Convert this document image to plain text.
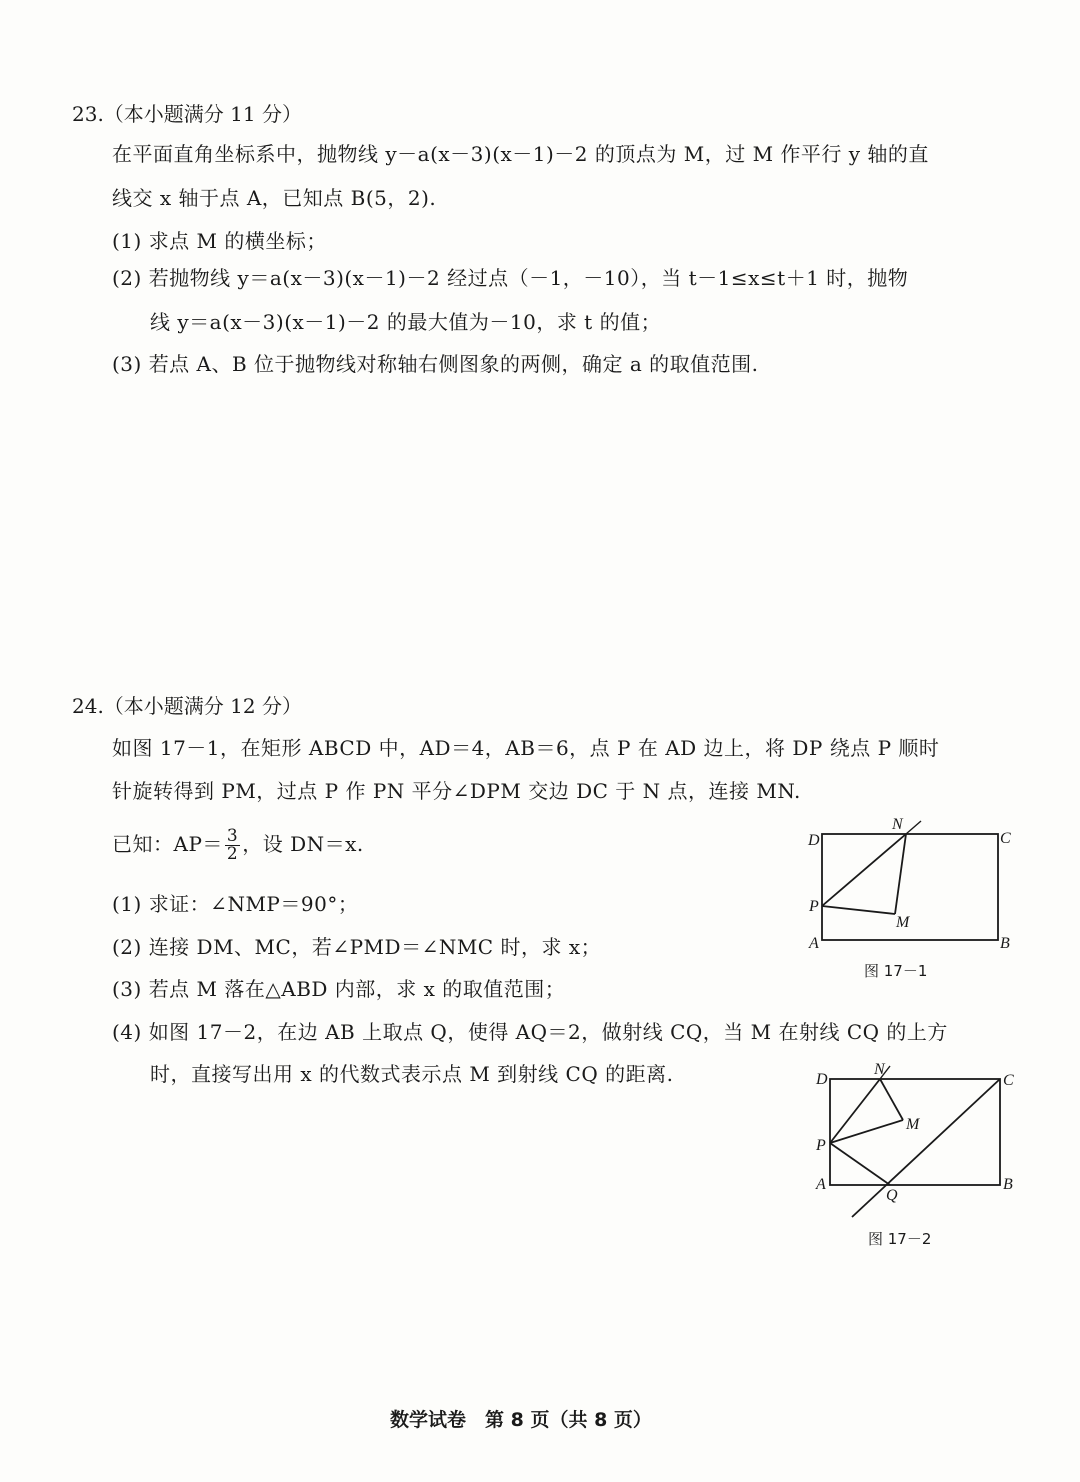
23.（本小题满分 11 分）
在平面直角坐标系中，抛物线 y－a(x－3)(x－1)－2 的顶点为 M，过 M 作平行 y 轴的直
线交 x 轴于点 A，已知点 B(5，2).
(1) 求点 M 的横坐标；
(2) 若抛物线 y＝a(x－3)(x－1)－2 经过点（－1，－10），当 t－1≤x≤t＋1 时，抛物
线 y＝a(x－3)(x－1)－2 的最大值为－10，求 t 的值；
(3) 若点 A、B 位于抛物线对称轴右侧图象的两侧，确定 a 的取值范围.
24.（本小题满分 12 分）
如图 17－1，在矩形 ABCD 中，AD＝4，AB＝6，点 P 在 AD 边上，将 DP 绕点 P 顺时
针旋转得到 PM，过点 P 作 PN 平分∠DPM 交边 DC 于 N 点，连接 MN.
已知：$AP= \frac{3}{2}$ ，设 DN＝x.
(1) 求证：∠NMP＝90°；
(2) 连接 DM、MC，若∠PMD＝∠NMC 时，求 x；
(3) 若点 M 落在△ABD 内部，求 x 的取值范围；
(4) 如图 17－2，在边 AB 上取点 Q，使得 AQ＝2，做射线 CQ，当 M 在射线 CQ 的上方
时，直接写出用 x 的代数式表示点 M 到射线 CQ 的距离.
D
N
C
P
M
A	B
图 17－1
D
N
C
P
M
A
Q
B
图 17－2
数学试卷　第 8 页（共 8 页）
